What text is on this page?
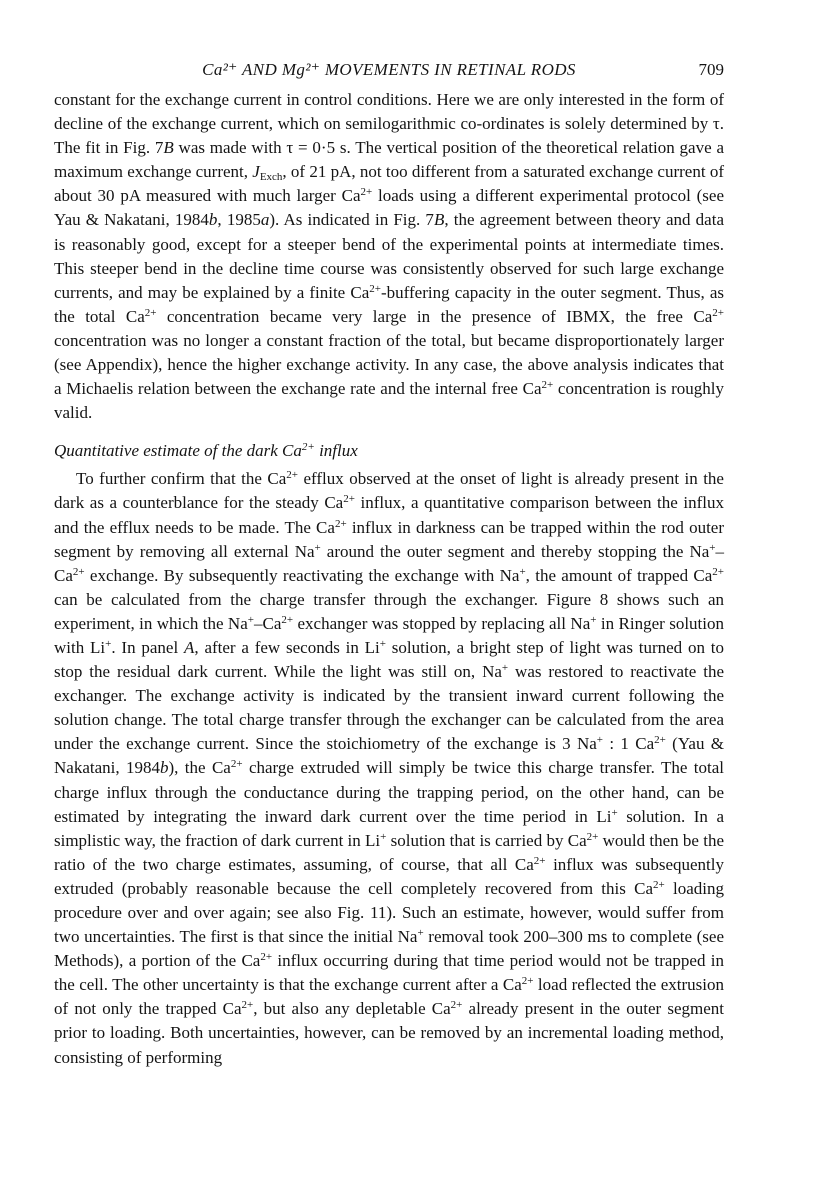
Ca²⁺ AND Mg²⁺ MOVEMENTS IN RETINAL RODS	709

constant for the exchange current in control conditions. Here we are only interested in the form of decline of the exchange current, which on semilogarithmic co-ordinates is solely determined by τ. The fit in Fig. 7B was made with τ = 0·5 s. The vertical position of the theoretical relation gave a maximum exchange current, $J_{Exch}$, of 21 pA, not too different from a saturated exchange current of about 30 pA measured with much larger $Ca^{2+}$ loads using a different experimental protocol (see Yau & Nakatani, 1984b, 1985a). As indicated in Fig. 7B, the agreement between theory and data is reasonably good, except for a steeper bend of the experimental points at intermediate times. This steeper bend in the decline time course was consistently observed for such large exchange currents, and may be explained by a finite $Ca^{2+}$-buffering capacity in the outer segment. Thus, as the total $Ca^{2+}$ concentration became very large in the presence of IBMX, the free $Ca^{2+}$ concentration was no longer a constant fraction of the total, but became disproportionately larger (see Appendix), hence the higher exchange activity. In any case, the above analysis indicates that a Michaelis relation between the exchange rate and the internal free $Ca^{2+}$ concentration is roughly valid.

Quantitative estimate of the dark $Ca^{2+}$ influx

To further confirm that the $Ca^{2+}$ efflux observed at the onset of light is already present in the dark as a counterblance for the steady $Ca^{2+}$ influx, a quantitative comparison between the influx and the efflux needs to be made. The $Ca^{2+}$ influx in darkness can be trapped within the rod outer segment by removing all external Na+ around the outer segment and thereby stopping the $Na^+-Ca^{2+}$ exchange. By subsequently reactivating the exchange with Na+, the amount of trapped $Ca^{2+}$ can be calculated from the charge transfer through the exchanger. Figure 8 shows such an experiment, in which the $Na^+-Ca^{2+}$ exchanger was stopped by replacing all Na+ in Ringer solution with Li+. In panel A, after a few seconds in Li+ solution, a bright step of light was turned on to stop the residual dark current. While the light was still on, Na+ was restored to reactivate the exchanger. The exchange activity is indicated by the transient inward current following the solution change. The total charge transfer through the exchanger can be calculated from the area under the exchange current. Since the stoichiometry of the exchange is 3 Na+ : 1 $Ca^{2+}$ (Yau & Nakatani, 1984b), the $Ca^{2+}$ charge extruded will simply be twice this charge transfer. The total charge influx through the conductance during the trapping period, on the other hand, can be estimated by integrating the inward dark current over the time period in Li+ solution. In a simplistic way, the fraction of dark current in Li+ solution that is carried by $Ca^{2+}$ would then be the ratio of the two charge estimates, assuming, of course, that all $Ca^{2+}$ influx was subsequently extruded (probably reasonable because the cell completely recovered from this $Ca^{2+}$ loading procedure over and over again; see also Fig. 11). Such an estimate, however, would suffer from two uncertainties. The first is that since the initial Na+ removal took 200–300 ms to complete (see Methods), a portion of the $Ca^{2+}$ influx occurring during that time period would not be trapped in the cell. The other uncertainty is that the exchange current after a $Ca^{2+}$ load reflected the extrusion of not only the trapped $Ca^{2+}$, but also any depletable $Ca^{2+}$ already present in the outer segment prior to loading. Both uncertainties, however, can be removed by an incremental loading method, consisting of performing
